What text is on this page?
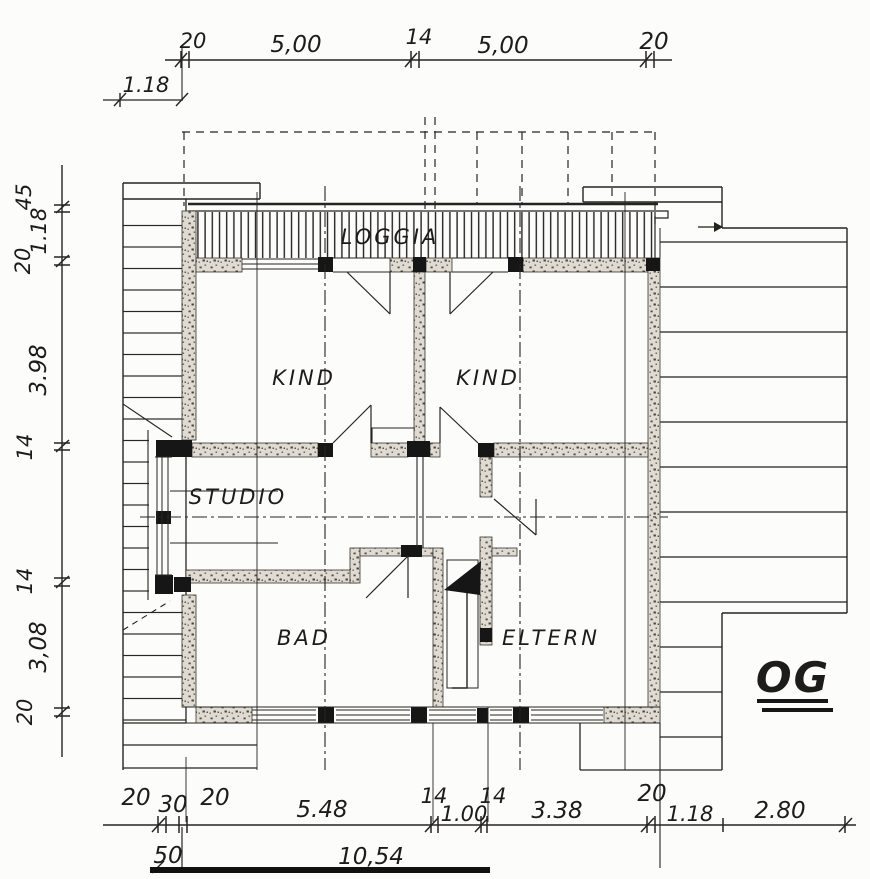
20	5,00	14 5,00	20
1.18
45
1.18
20
3.98
14
14
3,08
20
20 30 20	5.48
14
1.00
14
3.38
20
1.18 2.80
50	10,54
LOGGIA
KIND	KIND
STUDIO
BAD	ELTERN
OG
